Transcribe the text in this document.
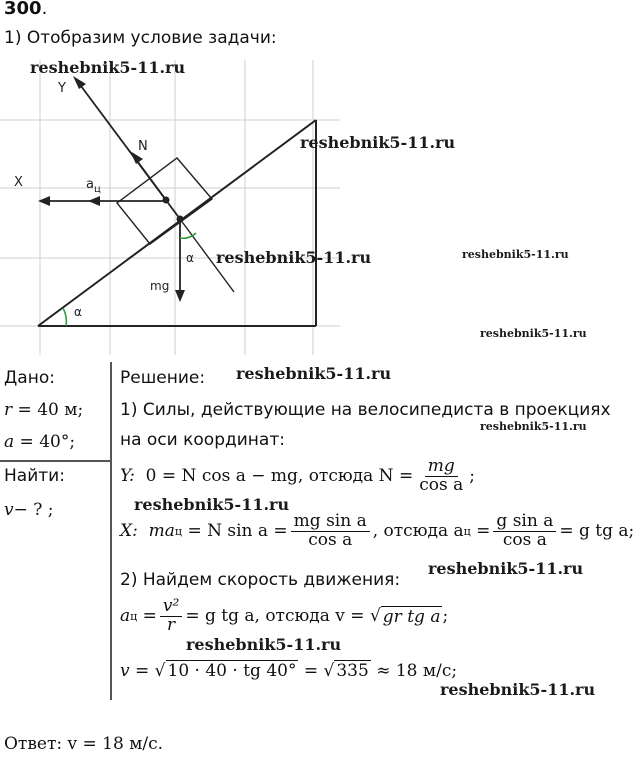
300.
1) Отобразим условие задачи:
Y
N
X	$a_ц$
α
mg
α
reshebnik5-11.ru
reshebnik5-11.ru
reshebnik5-11.ru	reshebnik5-11.ru
reshebnik5-11.ru
reshebnik5-11.ru
reshebnik5-11.ru
reshebnik5-11.ru
reshebnik5-11.ru
reshebnik5-11.ru
reshebnik5-11.ru
Дано:
r = 40 м;
a = 40°;
Найти:
v− ? ;
Решение:
1) Силы, действующие на велосипедиста в проекциях
на оси координат:
Y:
0 = N cos a − mg, отсюда $N = \frac{mg}{\text{cos a}}$ ;
X:
ma ц
= N $\sin a = \frac{\text{mg sin a}}{\text{cos a}}$ , отсюда a $ц = \frac{\text{g sin a}}{\text{cos a}} = g$ tg a;
2) Найдем скорость движения:
a ц
= $\frac{\text{v²}}{r} = g$ tg a, отсюда v = √ gr tg a ;
v = √ 10 · 40 · tg 40°
= √ 335
≈ 18 м/с;
Ответ: v = 18 м/с.
